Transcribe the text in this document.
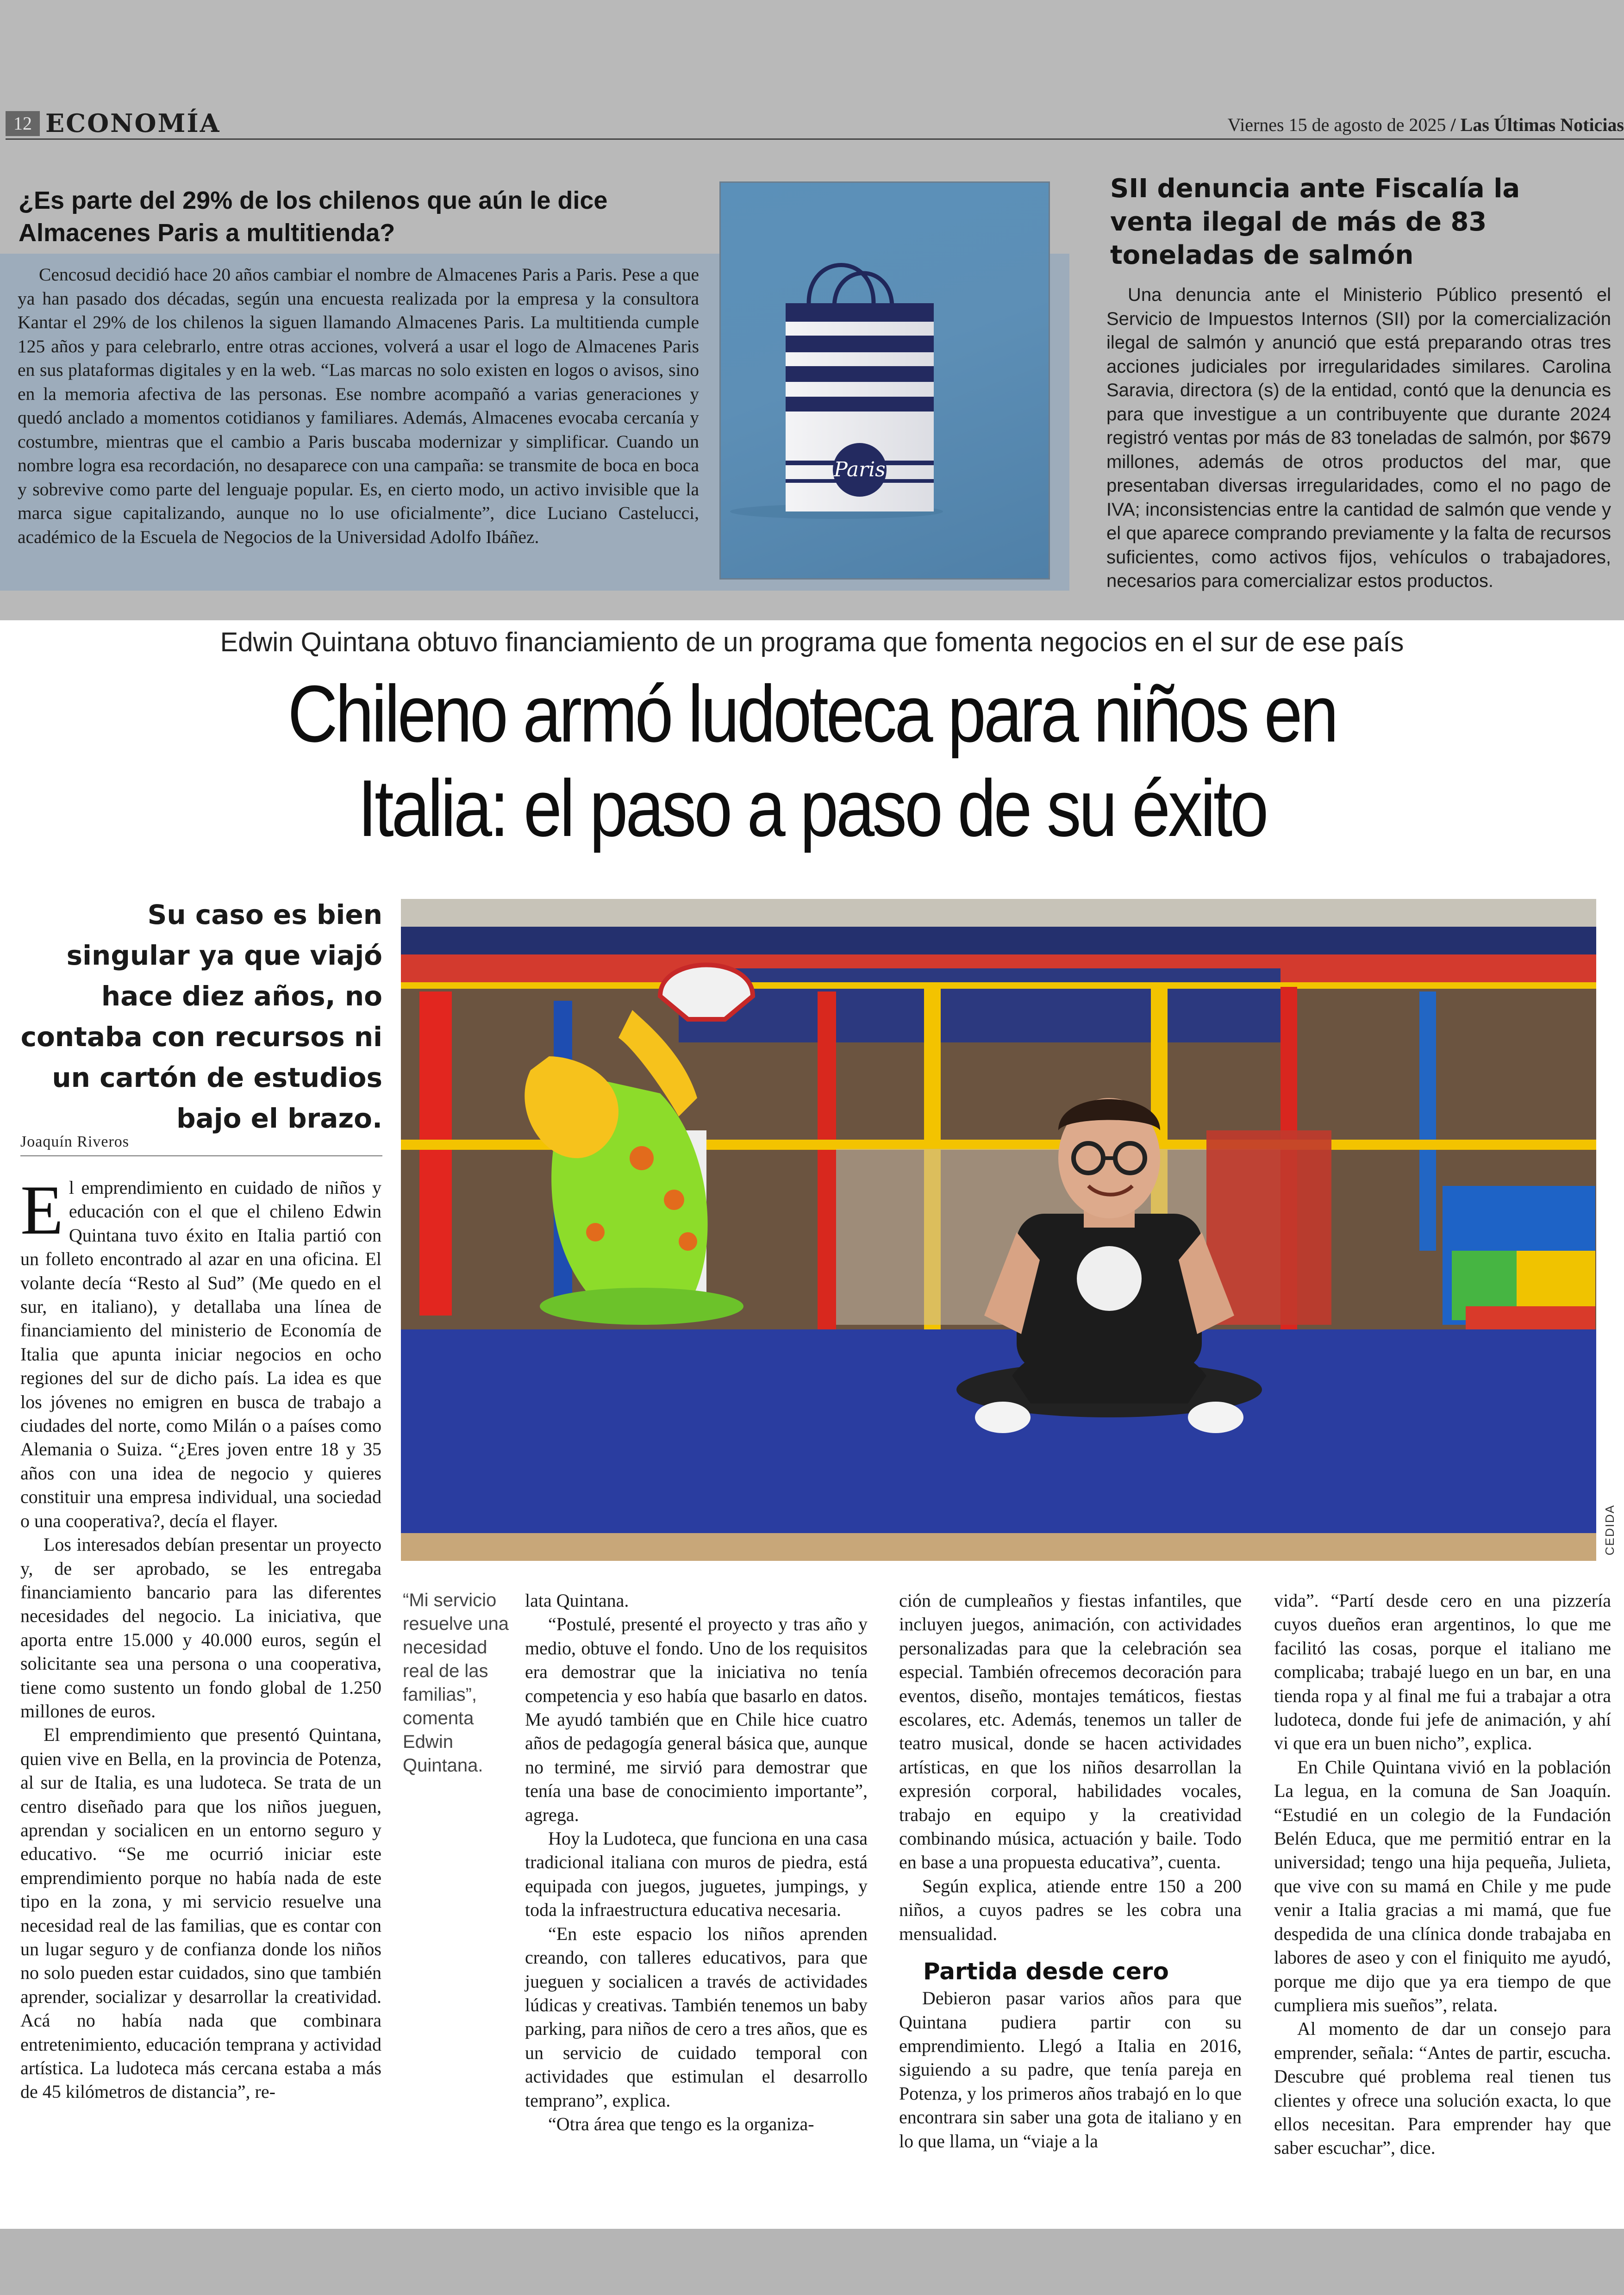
12 ECONOMÍA	Viernes 15 de agosto de 2025 / Las Últimas Noticias
¿Es parte del 29% de los chilenos que aún le dice Almacenes Paris a multitienda?
Cencosud decidió hace 20 años cambiar el nombre de Almacenes Paris a Paris. Pese a que ya han pasado dos décadas, según una encuesta realizada por la empresa y la consultora Kantar el 29% de los chilenos la siguen llamando Almacenes Paris. La multitienda cumple 125 años y para celebrarlo, entre otras acciones, volverá a usar el logo de Almacenes Paris en sus plataformas digitales y en la web. “Las marcas no solo existen en logos o avisos, sino en la memoria afectiva de las personas. Ese nombre acompañó a varias generaciones y quedó anclado a momentos cotidianos y familiares. Además, Almacenes evocaba cercanía y costumbre, mientras que el cambio a Paris buscaba modernizar y simplificar. Cuando un nombre logra esa recordación, no desaparece con una campaña: se transmite de boca en boca y sobrevive como parte del lenguaje popular. Es, en cierto modo, un activo invisible que la marca sigue capitalizando, aunque no lo use oficialmente”, dice Luciano Castelucci, académico de la Escuela de Negocios de la Universidad Adolfo Ibáñez.
Paris
SII denuncia ante Fiscalía la venta ilegal de más de 83 toneladas de salmón
Una denuncia ante el Ministerio Público presentó el Servicio de Impuestos Internos (SII) por la comercialización ilegal de salmón y anunció que está preparando otras tres acciones judiciales por irregularidades similares. Carolina Saravia, directora (s) de la entidad, contó que la denuncia es para que investigue a un contribuyente que durante 2024 registró ventas por más de 83 toneladas de salmón, por $679 millones, además de otros productos del mar, que presentaban diversas irregularidades, como el no pago de IVA; inconsistencias entre la cantidad de salmón que vende y el que aparece comprando previamente y la falta de recursos suficientes, como activos fijos, vehículos o trabajadores, necesarios para comercializar estos productos.
Edwin Quintana obtuvo financiamiento de un programa que fomenta negocios en el sur de ese país
Chileno armó ludoteca para niños en
Italia: el paso a paso de su éxito
Su caso es bien singular ya que viajó hace diez años, no contaba con recursos ni un cartón de estudios bajo el brazo.
Joaquín Riveros
CEDIDA

El emprendimiento en cuidado de niños y educación con el que el chileno Edwin Quintana tuvo éxito en Italia partió con un folleto encontrado al azar en una oficina. El volante decía “Resto al Sud” (Me quedo en el sur, en italiano), y detallaba una línea de financiamiento del ministerio de Economía de Italia que apunta iniciar negocios en ocho regiones del sur de dicho país. La idea es que los jóvenes no emigren en busca de trabajo a ciudades del norte, como Milán o a países como Alemania o Suiza. “¿Eres joven entre 18 y 35 años con una idea de negocio y quieres constituir una empresa individual, una sociedad o una cooperativa?, decía el flayer.

Los interesados debían presentar un proyecto y, de ser aprobado, se les entregaba financiamiento bancario para las diferentes necesidades del negocio. La iniciativa, que aporta entre 15.000 y 40.000 euros, según el solicitante sea una persona o una cooperativa, tiene como sustento un fondo global de 1.250 millones de euros.

El emprendimiento que presentó Quintana, quien vive en Bella, en la provincia de Potenza, al sur de Italia, es una ludoteca. Se trata de un centro diseñado para que los niños jueguen, aprendan y socialicen en un entorno seguro y educativo. “Se me ocurrió iniciar este emprendimiento porque no había nada de este tipo en la zona, y mi servicio resuelve una necesidad real de las familias, que es contar con un lugar seguro y de confianza donde los niños no solo pueden estar cuidados, sino que también aprender, socializar y desarrollar la creatividad. Acá no había nada que combinara entretenimiento, educación temprana y actividad artística. La ludoteca más cercana estaba a más de 45 kilómetros de distancia”, re-

“Mi servicio resuelve una necesidad real de las familias”, comenta Edwin Quintana.

lata Quintana.

“Postulé, presenté el proyecto y tras año y medio, obtuve el fondo. Uno de los requisitos era demostrar que la iniciativa no tenía competencia y eso había que basarlo en datos. Me ayudó también que en Chile hice cuatro años de pedagogía general básica que, aunque no terminé, me sirvió para demostrar que tenía una base de conocimiento importante”, agrega.

Hoy la Ludoteca, que funciona en una casa tradicional italiana con muros de piedra, está equipada con juegos, juguetes, jumpings, y toda la infraestructura educativa necesaria.

“En este espacio los niños aprenden creando, con talleres educativos, para que jueguen y socialicen a través de actividades lúdicas y creativas. También tenemos un baby parking, para niños de cero a tres años, que es un servicio de cuidado temporal con actividades que estimulan el desarrollo temprano”, explica.

“Otra área que tengo es la organiza-

ción de cumpleaños y fiestas infantiles, que incluyen juegos, animación, con actividades personalizadas para que la celebración sea especial. También ofrecemos decoración para eventos, diseño, montajes temáticos, fiestas escolares, etc. Además, tenemos un taller de teatro musical, donde se hacen actividades artísticas, en que los niños desarrollan la expresión corporal, habilidades vocales, trabajo en equipo y la creatividad combinando música, actuación y baile. Todo en base a una propuesta educativa”, cuenta.

Según explica, atiende entre 150 a 200 niños, a cuyos padres se les cobra una mensualidad.

Partida desde cero

Debieron pasar varios años para que Quintana pudiera partir con su emprendimiento. Llegó a Italia en 2016, siguiendo a su padre, que tenía pareja en Potenza, y los primeros años trabajó en lo que encontrara sin saber una gota de italiano y en lo que llama, un “viaje a la

vida”. “Partí desde cero en una pizzería cuyos dueños eran argentinos, lo que me facilitó las cosas, porque el italiano me complicaba; trabajé luego en un bar, en una tienda ropa y al final me fui a trabajar a otra ludoteca, donde fui jefe de animación, y ahí vi que era un buen nicho”, explica.

En Chile Quintana vivió en la población La legua, en la comuna de San Joaquín. “Estudié en un colegio de la Fundación Belén Educa, que me permitió entrar en la universidad; tengo una hija pequeña, Julieta, que vive con su mamá en Chile y me pude venir a Italia gracias a mi mamá, que fue despedida de una clínica donde trabajaba en labores de aseo y con el finiquito me ayudó, porque me dijo que ya era tiempo de que cumpliera mis sueños”, relata.

Al momento de dar un consejo para emprender, señala: “Antes de partir, escucha. Descubre qué problema real tienen tus clientes y ofrece una solución exacta, lo que ellos necesitan. Para emprender hay que saber escuchar”, dice.
